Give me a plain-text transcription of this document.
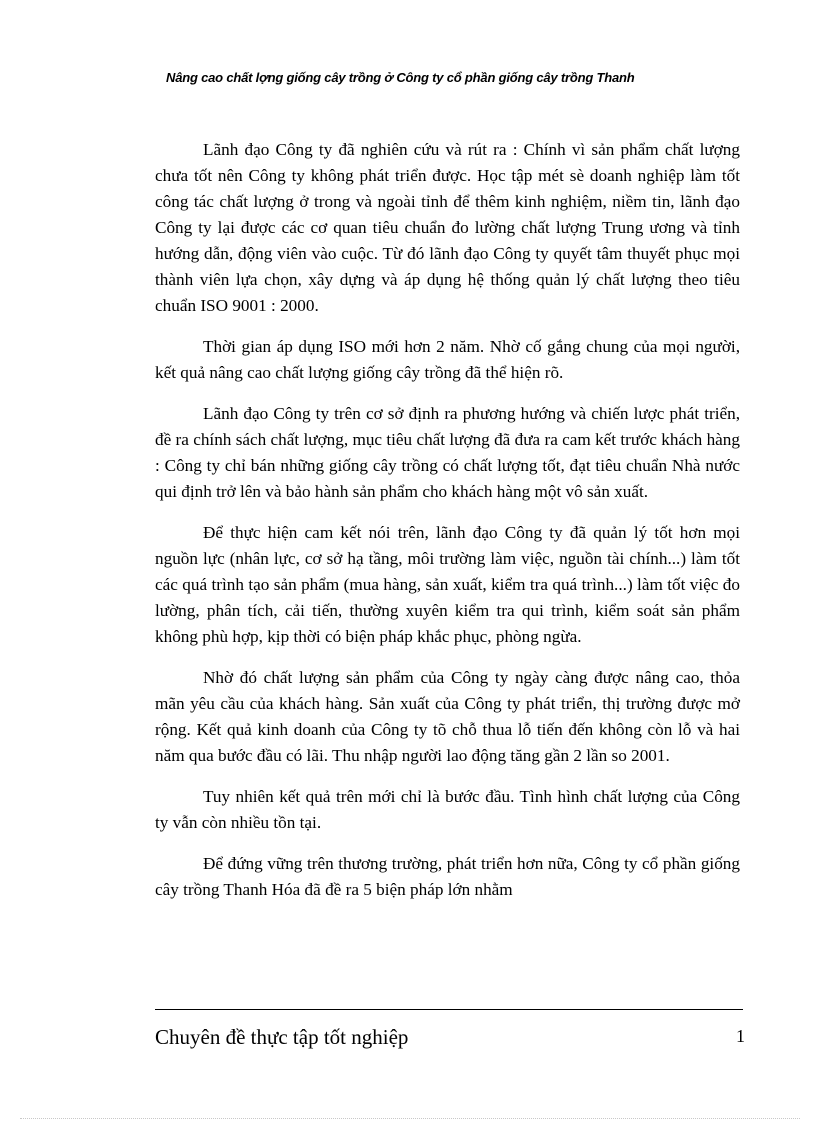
Nâng cao chất lợng giống cây trồng ở Công ty cổ phần giống cây trồng Thanh

Lãnh đạo Công ty đã nghiên cứu và rút ra : Chính vì sản phẩm chất lượng chưa tốt nên Công ty không phát triển được. Học tập mét sè doanh nghiệp làm tốt công tác chất lượng ở trong và ngoài tỉnh để thêm kinh nghiệm, niềm tin, lãnh đạo Công ty lại được các cơ quan tiêu chuẩn đo lường chất lượng Trung ương và tỉnh hướng dẫn, động viên vào cuộc. Từ đó lãnh đạo Công ty quyết tâm thuyết phục mọi thành viên lựa chọn, xây dựng và áp dụng hệ thống quản lý chất lượng theo tiêu chuẩn ISO 9001 : 2000.

Thời gian áp dụng ISO mới hơn 2 năm. Nhờ cố gắng chung của mọi người, kết quả nâng cao chất lượng giống cây trồng đã thể hiện rõ.

Lãnh đạo Công ty trên cơ sở định ra phương hướng và chiến lược phát triển, đề ra chính sách chất lượng, mục tiêu chất lượng đã đưa ra cam kết trước khách hàng : Công ty chỉ bán những giống cây trồng có chất lượng tốt, đạt tiêu chuẩn Nhà nước qui định trở lên và bảo hành sản phẩm cho khách hàng một vô sản xuất.

Để thực hiện cam kết nói trên, lãnh đạo Công ty đã quản lý tốt hơn mọi nguồn lực (nhân lực, cơ sở hạ tầng, môi trường làm việc, nguồn tài chính...) làm tốt các quá trình tạo sản phẩm (mua hàng, sản xuất, kiểm tra quá trình...) làm tốt việc đo lường, phân tích, cải tiến, thường xuyên kiểm tra qui trình, kiểm soát sản phẩm không phù hợp, kịp thời có biện pháp khắc phục, phòng ngừa.

Nhờ đó chất lượng sản phẩm của Công ty ngày càng được nâng cao, thỏa mãn yêu cầu của khách hàng. Sản xuất của Công ty phát triển, thị trường được mở rộng. Kết quả kinh doanh của Công ty tõ chỗ thua lỗ tiến đến không còn lỗ và hai năm qua bước đầu có lãi. Thu nhập người lao động tăng gần 2 lần so 2001.

Tuy nhiên kết quả trên mới chỉ là bước đầu. Tình hình chất lượng của Công ty vẫn còn nhiều tồn tại.

Để đứng vững trên thương trường, phát triển hơn nữa, Công ty cổ phần giống cây trồng Thanh Hóa đã đề ra 5 biện pháp lớn nhằm

Chuyên đề thực tập tốt nghiệp	1
